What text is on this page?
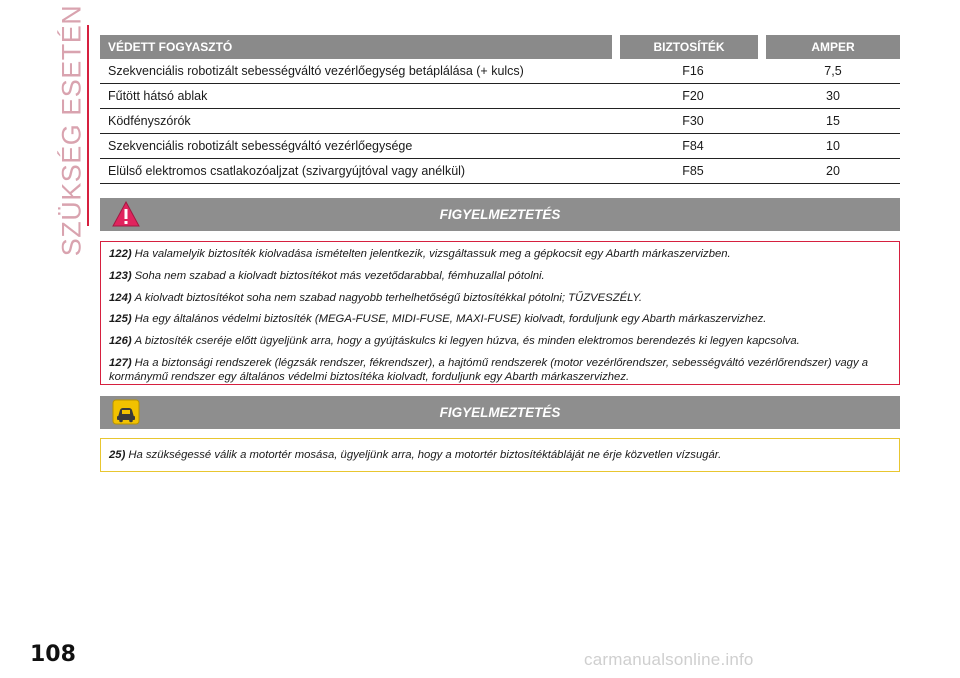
SZÜKSÉG ESETÉN	VÉDETT FOGYASZTÓ	BIZTOSÍTÉK	AMPER
Szekvenciális robotizált sebességváltó vezérlőegység betáplálása (+ kulcs)	F16	7,5
Fűtött hátsó ablak	F20	30
Ködfényszórók	F30	15
Szekvenciális robotizált sebességváltó vezérlőegysége	F84	10
Elülső elektromos csatlakozóaljzat (szivargyújtóval vagy anélkül)	F85	20
FIGYELMEZTETÉS

122) Ha valamelyik biztosíték kiolvadása ismételten jelentkezik, vizsgáltassuk meg a gépkocsit egy Abarth márkaszervizben.

123) Soha nem szabad a kiolvadt biztosítékot más vezetődarabbal, fémhuzallal pótolni.

124) A kiolvadt biztosítékot soha nem szabad nagyobb terhelhetőségű biztosítékkal pótolni; TŰZVESZÉLY.

125) Ha egy általános védelmi biztosíték (MEGA-FUSE, MIDI-FUSE, MAXI-FUSE) kiolvadt, forduljunk egy Abarth márkaszervizhez.

126) A biztosíték cseréje előtt ügyeljünk arra, hogy a gyújtáskulcs ki legyen húzva, és minden elektromos berendezés ki legyen kapcsolva.

127) Ha a biztonsági rendszerek (légzsák rendszer, fékrendszer), a hajtómű rendszerek (motor vezérlőrendszer, sebességváltó vezérlőrendszer) vagy a kormánymű rendszer egy általános védelmi biztosítéka kiolvadt, forduljunk egy Abarth márkaszervizhez.

FIGYELMEZTETÉS

25) Ha szükségessé válik a motortér mosása, ügyeljünk arra, hogy a motortér biztosítéktábláját ne érje közvetlen vízsugár.

108	carmanualsonline.info
